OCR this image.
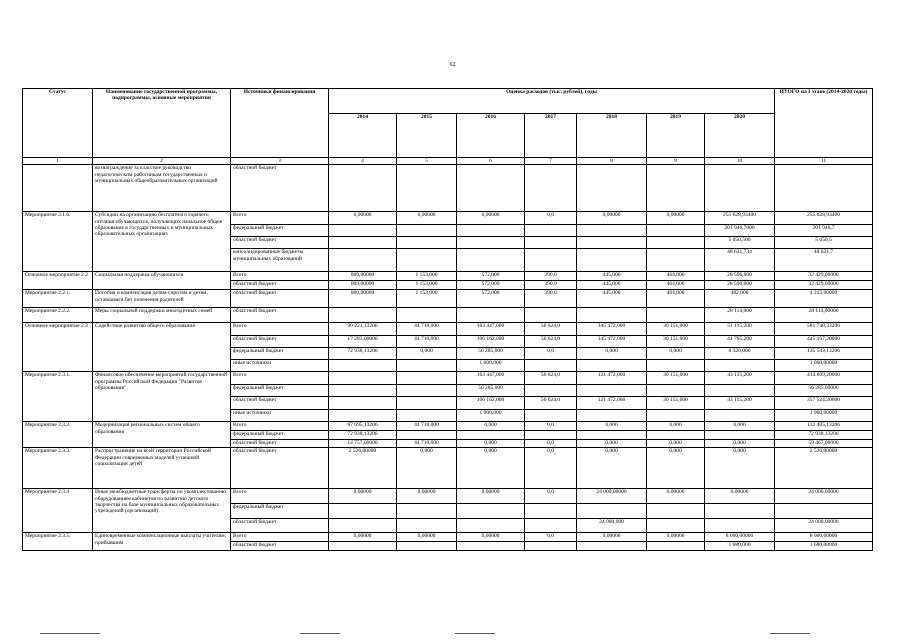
62
Статус	Наименование государственной программы, подпрограммы, основные мероприятия	Источники финансирования	Оценка расходов (тыс. рублей), годы							ИТОГО на I этапе (2014-2020 годы)
			2014	2015	2016	2017	2018	2019	2020	
1	2	3	4	5	6	7	8	9	10	11
	вознаграждение за классное руководство педагогическим работникам государственных и муниципальных общеобразовательных организаций	областной бюджет								
Мероприятие 2.1.6.	Субсидии на организацию бесплатного горячего питания обучающихся, получающих начальное общее образование в государственных и муниципальных образовательных организациях	Всего	0,00000	0,00000	0,00000	0,0	0,00000	0,00000	255 628,93400	255 628,93400
		федеральный бюджет							201 946,7000	201 946,7
		областной бюджет							5 050,500	5 050,5
		консолидированные бюджеты муниципальных образований							48 631,734	48 631,7
Основное мероприятие 2.2	Социальная поддержка обучающихся	Всего	809,00000	1 153,000	572,000	390,0	445,000	464,000	28 596,000	32 429,00000
		областной бюджет	809,00000	1 153,000	572,000	390,0	445,000	464,000	28 596,000	32 429,00000
Мероприятие 2.2.1.	Пособия и компенсация детям-сиротам и детям, оставшимся без попечения родителей	областной бюджет	809,00000	1 153,000	572,000	390,0	445,000	464,000	482,000	4 315,00000
Мероприятие 2.2.2.	Меры социальной поддержки многодетных семей	областной бюджет							28 114,000	28 114,00000
Основное мероприятие 2.3	Содействие развитию общего образования	Всего	90 221,13206	44 710,000	163 447,000	56 624,0	145 472,000	30 151,000	51 115,200	581 740,33206
		областной бюджет	17 283,00000	44 710,000	106 162,000	56 624,0	145 472,000	30 151,000	44 795,200	445 197,20000
		федеральный бюджет	72 938,13206	0,000	56 285,000	0,0	0,000	0,000	6 320,000	135 543,13206
		иные источники			1 000,000					1 000,00000
Мероприятие 2.3.1.	Финансовое обеспечение мероприятий государственной программы Российской Федерации "Развитие образования"	Всего			163 447,000	56 624,0	121 472,000	30 151,000	43 115,200	414 809,20000
		федеральный бюджет			56 285,000					56 285,00000
		областной бюджет			106 162,000	56 624,0	121 472,000	30 151,000	43 115,200	357 524,20000
		иные источники			1 000,000					1 000,00000
Мероприятие 2.3.2.	Модернизация региональных систем общего образования	Всего	87 695,13206	44 710,000	0,000	0,0	0,000	0,000	0,000	132 405,13206
		федеральный бюджет	72 938,13206							72 938,13206
		областной бюджет	14 757,00000	44 710,000	0,000	0,0	0,000	0,000	0,000	59 467,00000
Мероприятие 2.3.3.	Распространение на всей территории Российской Федерации современных моделей успешной социализации детей	областной бюджет	2 526,00000	0,000	0,000	0,0	0,000	0,000	0,000	2 526,00000
Мероприятие 2.3.4	Иные межбюджетные трансферты по укомплектованию оборудованием кабинетов по развитию детского творчества на базе муниципальных образовательных учреждений (организаций)	Всего	0,00000	0,00000	0,00000	0,0	24 000,00000	0,00000	0,00000	24 000,00000
		федеральный бюджет								
		областной бюджет					24 000,000			24 000,00000
Мероприятие 2.3.5.	Единовременные компенсационные выплаты учителям, прибывшим	Всего	0,00000	0,00000	0,00000	0,0	0,00000	0,00000	8 000,00000	8 000,00000
		областной бюджет							1 680,000	1 680,00000
